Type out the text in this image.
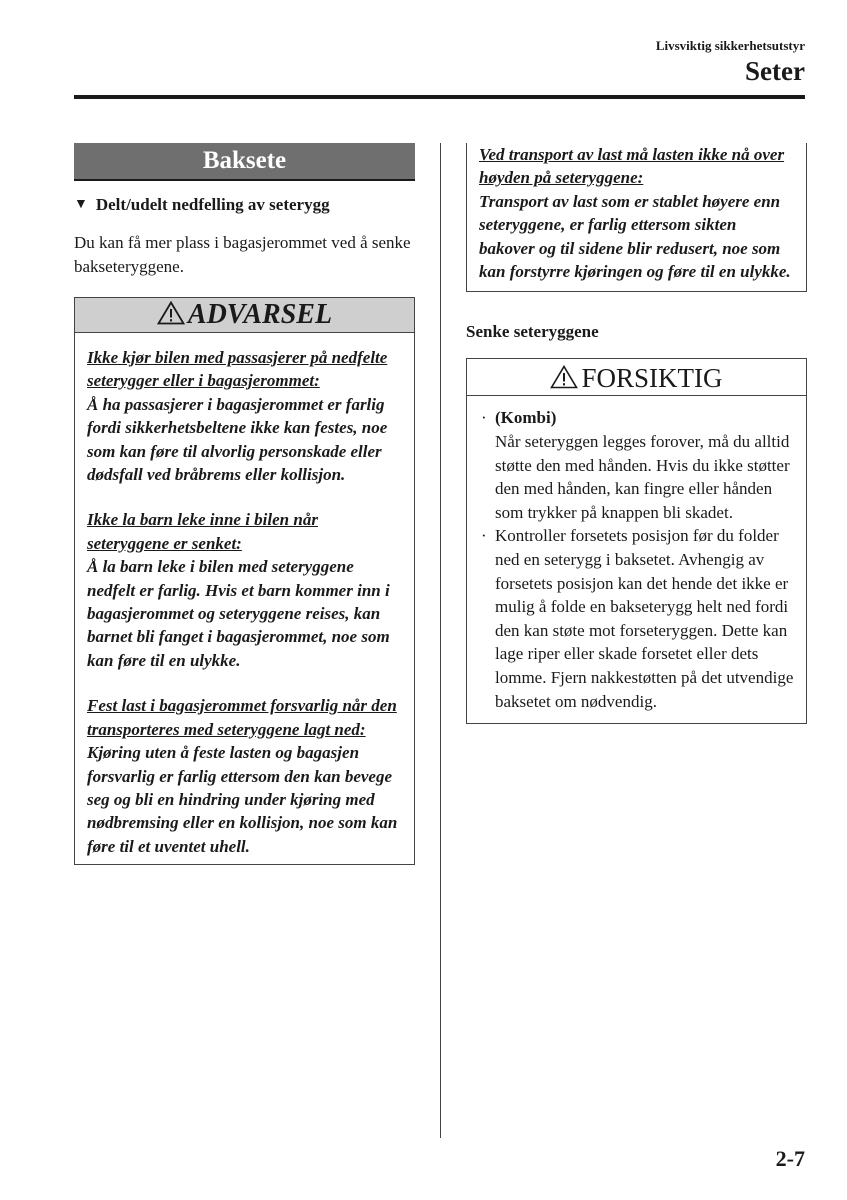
Livsviktig sikkerhetsutstyr
Seter
Baksete
▼ Delt/udelt nedfelling av seterygg
Du kan få mer plass i bagasjerommet ved å senke bakseteryggene.
ADVARSEL
Ikke kjør bilen med passasjerer på nedfelte seterygger eller i bagasjerommet:
Å ha passasjerer i bagasjerommet er farlig fordi sikkerhetsbeltene ikke kan festes, noe som kan føre til alvorlig personskade eller dødsfall ved bråbrems eller kollisjon.
Ikke la barn leke inne i bilen når seteryggene er senket:
Å la barn leke i bilen med seteryggene nedfelt er farlig. Hvis et barn kommer inn i bagasjerommet og seteryggene reises, kan barnet bli fanget i bagasjerommet, noe som kan føre til en ulykke.
Fest last i bagasjerommet forsvarlig når den transporteres med seteryggene lagt ned:
Kjøring uten å feste lasten og bagasjen forsvarlig er farlig ettersom den kan bevege seg og bli en hindring under kjøring med nødbremsing eller en kollisjon, noe som kan føre til et uventet uhell.
Ved transport av last må lasten ikke nå over høyden på seteryggene:
Transport av last som er stablet høyere enn seteryggene, er farlig ettersom sikten bakover og til sidene blir redusert, noe som kan forstyrre kjøringen og føre til en ulykke.
Senke seteryggene
FORSIKTIG
· (Kombi)
Når seteryggen legges forover, må du alltid støtte den med hånden. Hvis du ikke støtter den med hånden, kan fingre eller hånden som trykker på knappen bli skadet.
· Kontroller forsetets posisjon før du folder ned en seterygg i baksetet. Avhengig av forsetets posisjon kan det hende det ikke er mulig å folde en bakseterygg helt ned fordi den kan støte mot forseteryggen. Dette kan lage riper eller skade forsetet eller dets lomme. Fjern nakkestøtten på det utvendige baksetet om nødvendig.
2-7
